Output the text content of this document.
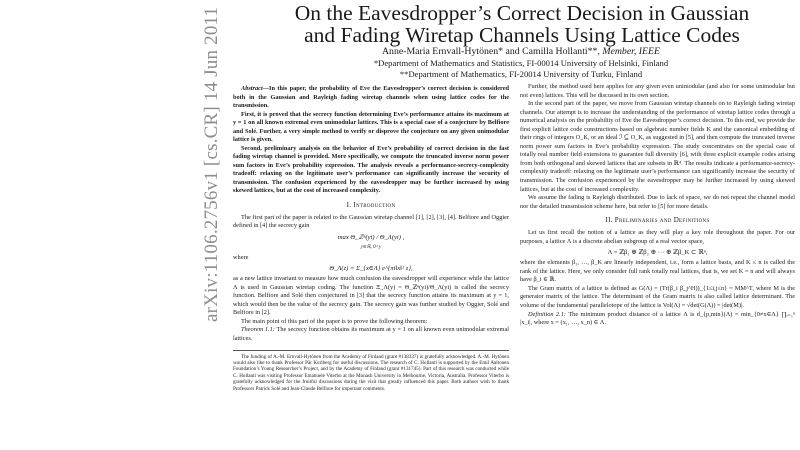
arXiv:1106.2756v1 [cs.CR] 14 Jun 2011	On the Eavesdropper’s Correct Decision in Gaussian
and Fading Wiretap Channels Using Lattice Codes
Anne-Maria Ernvall-Hytönen* and Camilla Hollanti**, Member, IEEE
*Department of Mathematics and Statistics, FI-00014 University of Helsinki, Finland
**Department of Mathematics, FI-20014 University of Turku, Finland

Abstract—In this paper, the probability of Eve the Eavesdropper’s correct decision is considered both in the Gaussian and Rayleigh fading wiretap channels when using lattice codes for the transmission.

First, it is proved that the secrecy function determining Eve’s performance attains its maximum at y = 1 on all known extremal even unimodular lattices. This is a special case of a conjecture by Belfiore and Solé. Further, a very simple method to verify or disprove the conjecture on any given unimodular lattice is given.

Second, preliminary analysis on the behavior of Eve’s probability of correct decision in the fast fading wiretap channel is provided. More specifically, we compute the truncated inverse norm power sum factors in Eve’s probability expression. The analysis reveals a performance-secrecy-complexity tradeoff: relaxing on the legitimate user’s performance can significantly increase the security of transmission. The confusion experienced by the eavesdropper may be further increased by using skewed lattices, but at the cost of increased complexity.

I. Introduction

The first part of the paper is related to the Gaussian wiretap channel [1], [2], [3], [4]. Belfiore and Oggier defined in [4] the secrecy gain

max Θ_ℤⁿ(yi) / Θ_Λ(yi) ,
y∈ℝ, 0<y

where

Θ_Λ(z) = Σ_{x∈Λ} e^{πi‖x‖² z},

as a new lattice invariant to measure how much confusion the eavesdropper will experience while the lattice Λ is used in Gaussian wiretap coding. The function Ξ_Λ(y) = Θ_ℤⁿ(yi)/Θ_Λ(yi) is called the secrecy function. Belfiore and Solé then conjectured in [3] that the secrecy function attains its maximum at y = 1, which would then be the value of the secrecy gain. The secrecy gain was further studied by Oggier, Solé and Belfiore in [2].

The main point of this part of the paper is to prove the following theorem:

Theorem 1.1: The secrecy function obtains its maximum at y = 1 on all known even unimodular extremal lattices.

The funding of A.-M. Ernvall-Hytönen from the Academy of Finland (grant #138337) is gratefully acknowledged. A.-M. Hytönen would also like to thank Professor Pär Kurlberg for useful discussions. The research of C. Hollanti is supported by the Emil Aaltonen Foundation’s Young Researcher’s Project, and by the Academy of Finland (grant #131745). Part of this research was conducted while C. Hollanti was visiting Professor Emanuele Viterbo at the Monash University in Melbourne, Victoria, Australia. Professor Viterbo is gratefully acknowledged for the fruitful discussions during the visit that greatly influenced this paper. Both authors wish to thank Professors Patrick Solé and Jean-Claude Belfiore for important comments.

Further, the method used here applies for any given even unimodular (and also for some unimodular but not even) lattices. This will be discussed in its own section.

In the second part of the paper, we move from Gaussian wiretap channels on to Rayleigh fading wiretap channels. Our attempt is to increase the understanding of the performance of wiretap lattice codes through a numerical analysis on the probability of Eve the Eavesdropper’s correct decision. To this end, we provide the first explicit lattice code constructions based on algebraic number fields K and the canonical embedding of their rings of integers O_K, or an ideal ℐ ⊆ O_K, as suggested in [5], and then compute the truncated inverse norm power sum factors in Eve’s probability expression. The study concentrates on the special case of totally real number field extensions to guarantee full diversity [6], with three explicit example codes arising from both orthogonal and skewed lattices that are subsets in ℝ⁴. The results indicate a performance-secrecy-complexity tradeoff: relaxing on the legitimate user’s performance can significantly increase the security of transmission. The confusion experienced by the eavesdropper may be further increased by using skewed lattices, but at the cost of increased complexity.

We assume the fading is Rayleigh distributed. Due to lack of space, we do not repeat the channel model nor the detailed transmission scheme here, but refer to [5] for more details.

II. Preliminaries and Definitions

Let us first recall the notion of a lattice as they will play a key role throughout the paper. For our purposes, a lattice Λ is a discrete abelian subgroup of a real vector space,

Λ = ℤβ₁ ⊕ ℤβ₂ ⊕ ··· ⊕ ℤβ_K ⊂ ℝⁿ,

where the elements β₁, …, β_K are linearly independent, i.e., form a lattice basis, and K ≤ n is called the rank of the lattice. Here, we only consider full rank totally real lattices, that is, we set K = n and will always have β_i ∈ ℝ.

The Gram matrix of a lattice is defined as G(Λ) = (Tr(β_i β_j^H))_{1≤i,j≤n} = MM^T, where M is the generator matrix of the lattice. The determinant of the Gram matrix is also called lattice determinant. The volume of the fundamental parallelotope of the lattice is Vol(Λ) = √det(G(Λ)) = |det(M)|.

Definition 2.1: The minimum product distance of a lattice Λ is d_{p,min}(Λ) = min_{0≠x∈Λ} ∏ᵢ₌₁ⁿ |x_i|, where x = (x₁, …, x_n) ∈ Λ.
